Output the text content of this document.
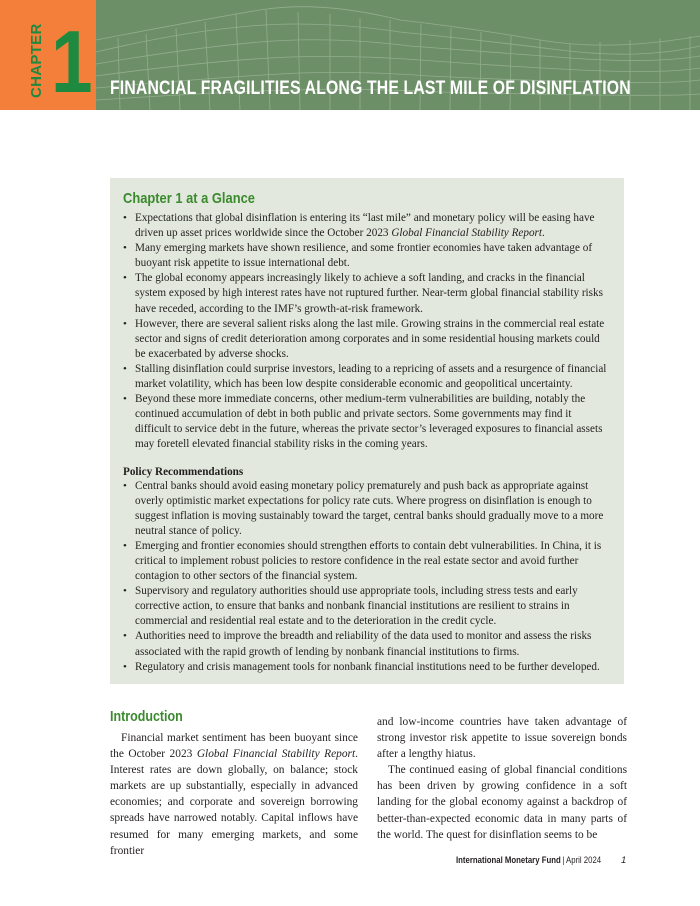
CHAPTER 1 FINANCIAL FRAGILITIES ALONG THE LAST MILE OF DISINFLATION
Chapter 1 at a Glance
• Expectations that global disinflation is entering its “last mile” and monetary policy will be easing have driven up asset prices worldwide since the October 2023 Global Financial Stability Report.
• Many emerging markets have shown resilience, and some frontier economies have taken advantage of buoyant risk appetite to issue international debt.
• The global economy appears increasingly likely to achieve a soft landing, and cracks in the financial system exposed by high interest rates have not ruptured further. Near-term global financial stability risks have receded, according to the IMF’s growth-at-risk framework.
• However, there are several salient risks along the last mile. Growing strains in the commercial real estate sector and signs of credit deterioration among corporates and in some residential housing markets could be exacerbated by adverse shocks.
• Stalling disinflation could surprise investors, leading to a repricing of assets and a resurgence of financial market volatility, which has been low despite considerable economic and geopolitical uncertainty.
• Beyond these more immediate concerns, other medium-term vulnerabilities are building, notably the continued accumulation of debt in both public and private sectors. Some governments may find it difficult to service debt in the future, whereas the private sector’s leveraged exposures to financial assets may foretell elevated financial stability risks in the coming years.
Policy Recommendations
• Central banks should avoid easing monetary policy prematurely and push back as appropriate against overly optimistic market expectations for policy rate cuts. Where progress on disinflation is enough to suggest inflation is moving sustainably toward the target, central banks should gradually move to a more neutral stance of policy.
• Emerging and frontier economies should strengthen efforts to contain debt vulnerabilities. In China, it is critical to implement robust policies to restore confidence in the real estate sector and avoid further contagion to other sectors of the financial system.
• Supervisory and regulatory authorities should use appropriate tools, including stress tests and early corrective action, to ensure that banks and nonbank financial institutions are resilient to strains in commercial and residential real estate and to the deterioration in the credit cycle.
• Authorities need to improve the breadth and reliability of the data used to monitor and assess the risks associated with the rapid growth of lending by nonbank financial institutions to firms.
• Regulatory and crisis management tools for nonbank financial institutions need to be further developed.
Introduction

Financial market sentiment has been buoyant since the October 2023 Global Financial Stability Report. Interest rates are down globally, on balance; stock markets are up substantially, especially in advanced economies; and corporate and sovereign borrowing spreads have narrowed notably. Capital inflows have resumed for many emerging markets, and some frontier

and low-income countries have taken advantage of strong investor risk appetite to issue sovereign bonds after a lengthy hiatus.

The continued easing of global financial conditions has been driven by growing confidence in a soft landing for the global economy against a backdrop of better-than-expected economic data in many parts of the world. The quest for disinflation seems to be

International Monetary Fund | April 2024 1
